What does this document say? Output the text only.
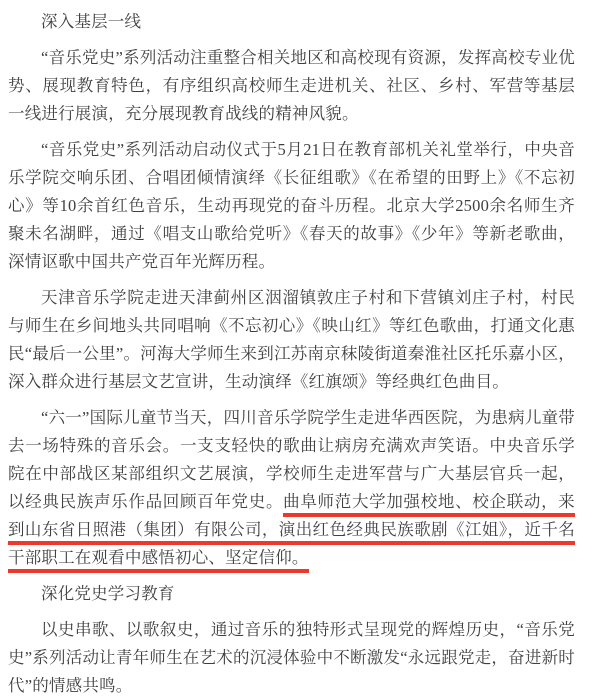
深入基层一线

“音乐党史”系列活动注重整合相关地区和高校现有资源，发挥高校专业优势、展现教育特色，有序组织高校师生走进机关、社区、乡村、军营等基层一线进行展演，充分展现教育战线的精神风貌。

“音乐党史”系列活动启动仪式于5月21日在教育部机关礼堂举行，中央音乐学院交响乐团、合唱团倾情演绎《长征组歌》《在希望的田野上》《不忘初心》等10余首红色音乐，生动再现党的奋斗历程。北京大学2500余名师生齐聚未名湖畔，通过《唱支山歌给党听》《春天的故事》《少年》等新老歌曲，深情讴歌中国共产党百年光辉历程。

天津音乐学院走进天津蓟州区洇溜镇敦庄子村和下营镇刘庄子村，村民与师生在乡间地头共同唱响《不忘初心》《映山红》等红色歌曲，打通文化惠民“最后一公里”。河海大学师生来到江苏南京秣陵街道秦淮社区托乐嘉小区，深入群众进行基层文艺宣讲，生动演绎《红旗颂》等经典红色曲目。

“六一”国际儿童节当天，四川音乐学院学生走进华西医院，为患病儿童带去一场特殊的音乐会。一支支轻快的歌曲让病房充满欢声笑语。中央音乐学院在中部战区某部组织文艺展演，学校师生走进军营与广大基层官兵一起，以经典民族声乐作品回顾百年党史。曲阜师范大学加强校地、校企联动，来到山东省日照港（集团）有限公司，演出红色经典民族歌剧《江姐》，近千名干部职工在观看中感悟初心、坚定信仰。

深化党史学习教育

以史串歌、以歌叙史，通过音乐的独特形式呈现党的辉煌历史，“音乐党史”系列活动让青年师生在艺术的沉浸体验中不断激发“永远跟党走，奋进新时代”的情感共鸣。
